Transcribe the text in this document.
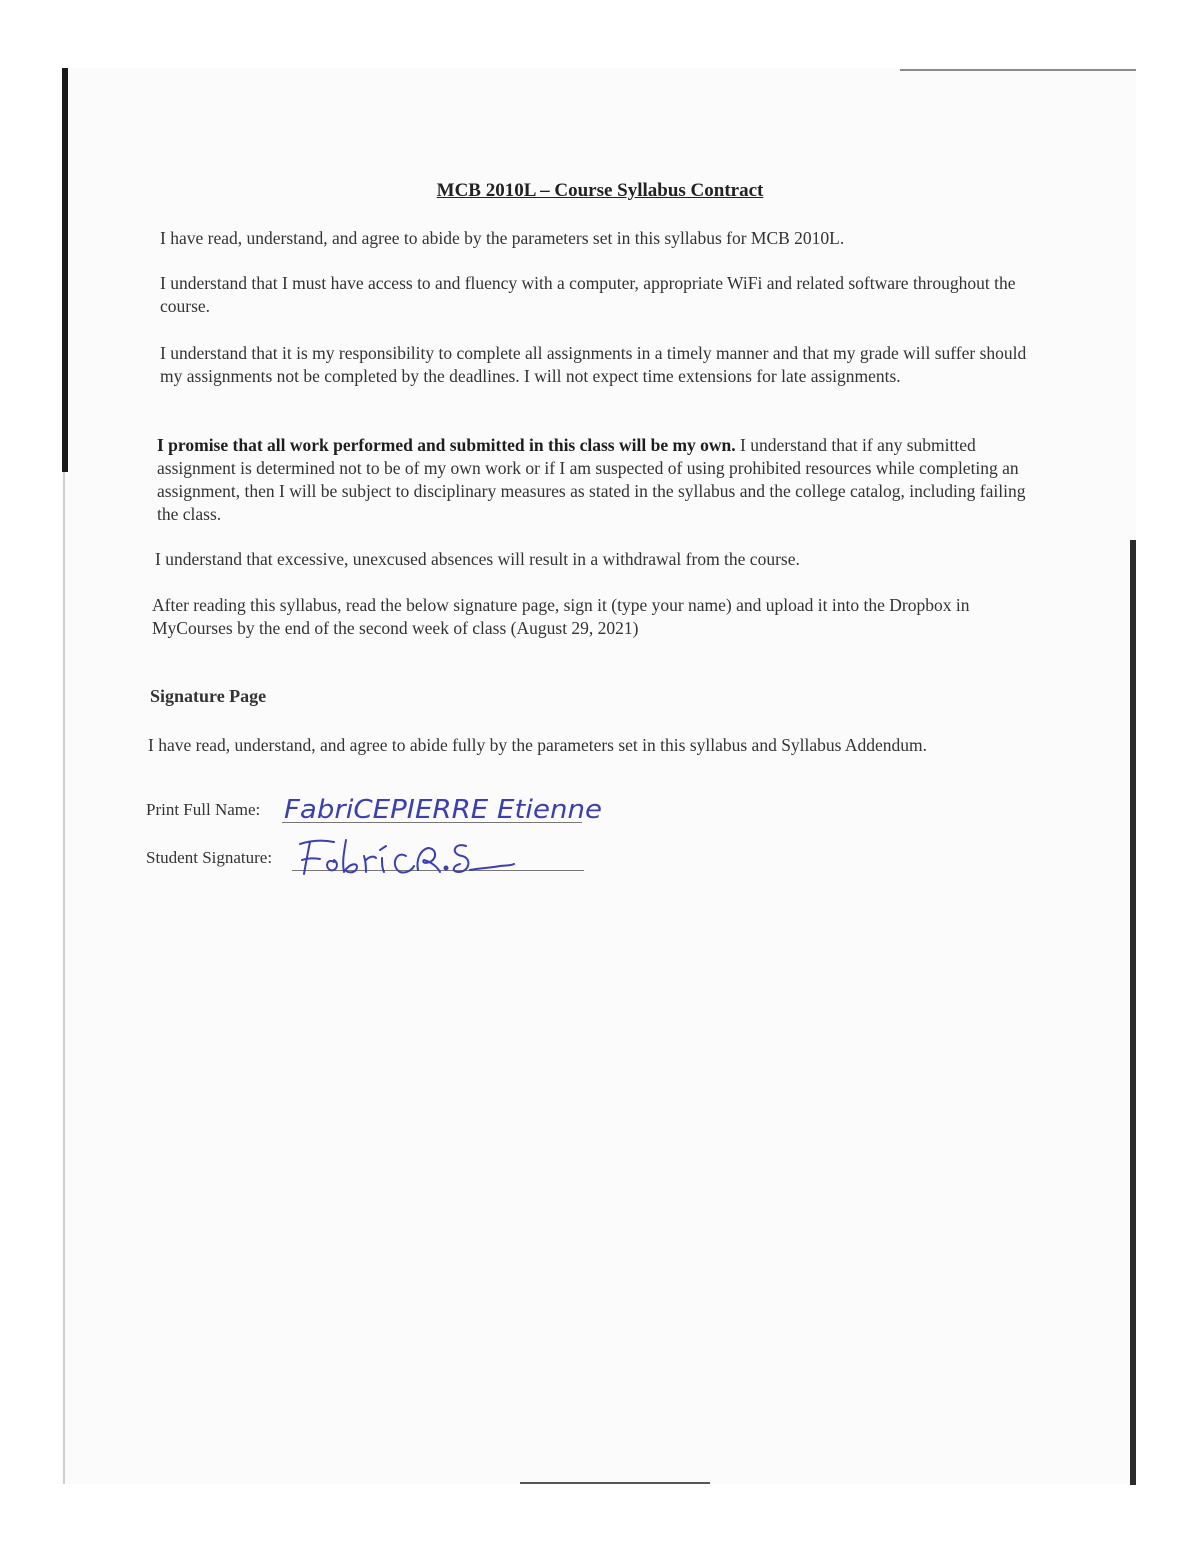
MCB 2010L – Course Syllabus Contract
I have read, understand, and agree to abide by the parameters set in this syllabus for MCB 2010L.
I understand that I must have access to and fluency with a computer, appropriate WiFi and related software throughout the course.
I understand that it is my responsibility to complete all assignments in a timely manner and that my grade will suffer should my assignments not be completed by the deadlines. I will not expect time extensions for late assignments.
I promise that all work performed and submitted in this class will be my own. I understand that if any submitted assignment is determined not to be of my own work or if I am suspected of using prohibited resources while completing an assignment, then I will be subject to disciplinary measures as stated in the syllabus and the college catalog, including failing the class.
I understand that excessive, unexcused absences will result in a withdrawal from the course.
After reading this syllabus, read the below signature page, sign it (type your name) and upload it into the Dropbox in MyCourses by the end of the second week of class (August 29, 2021)
Signature Page
I have read, understand, and agree to abide fully by the parameters set in this syllabus and Syllabus Addendum.
Print Full Name: FabriCEPIERRE Etienne
Student Signature:
